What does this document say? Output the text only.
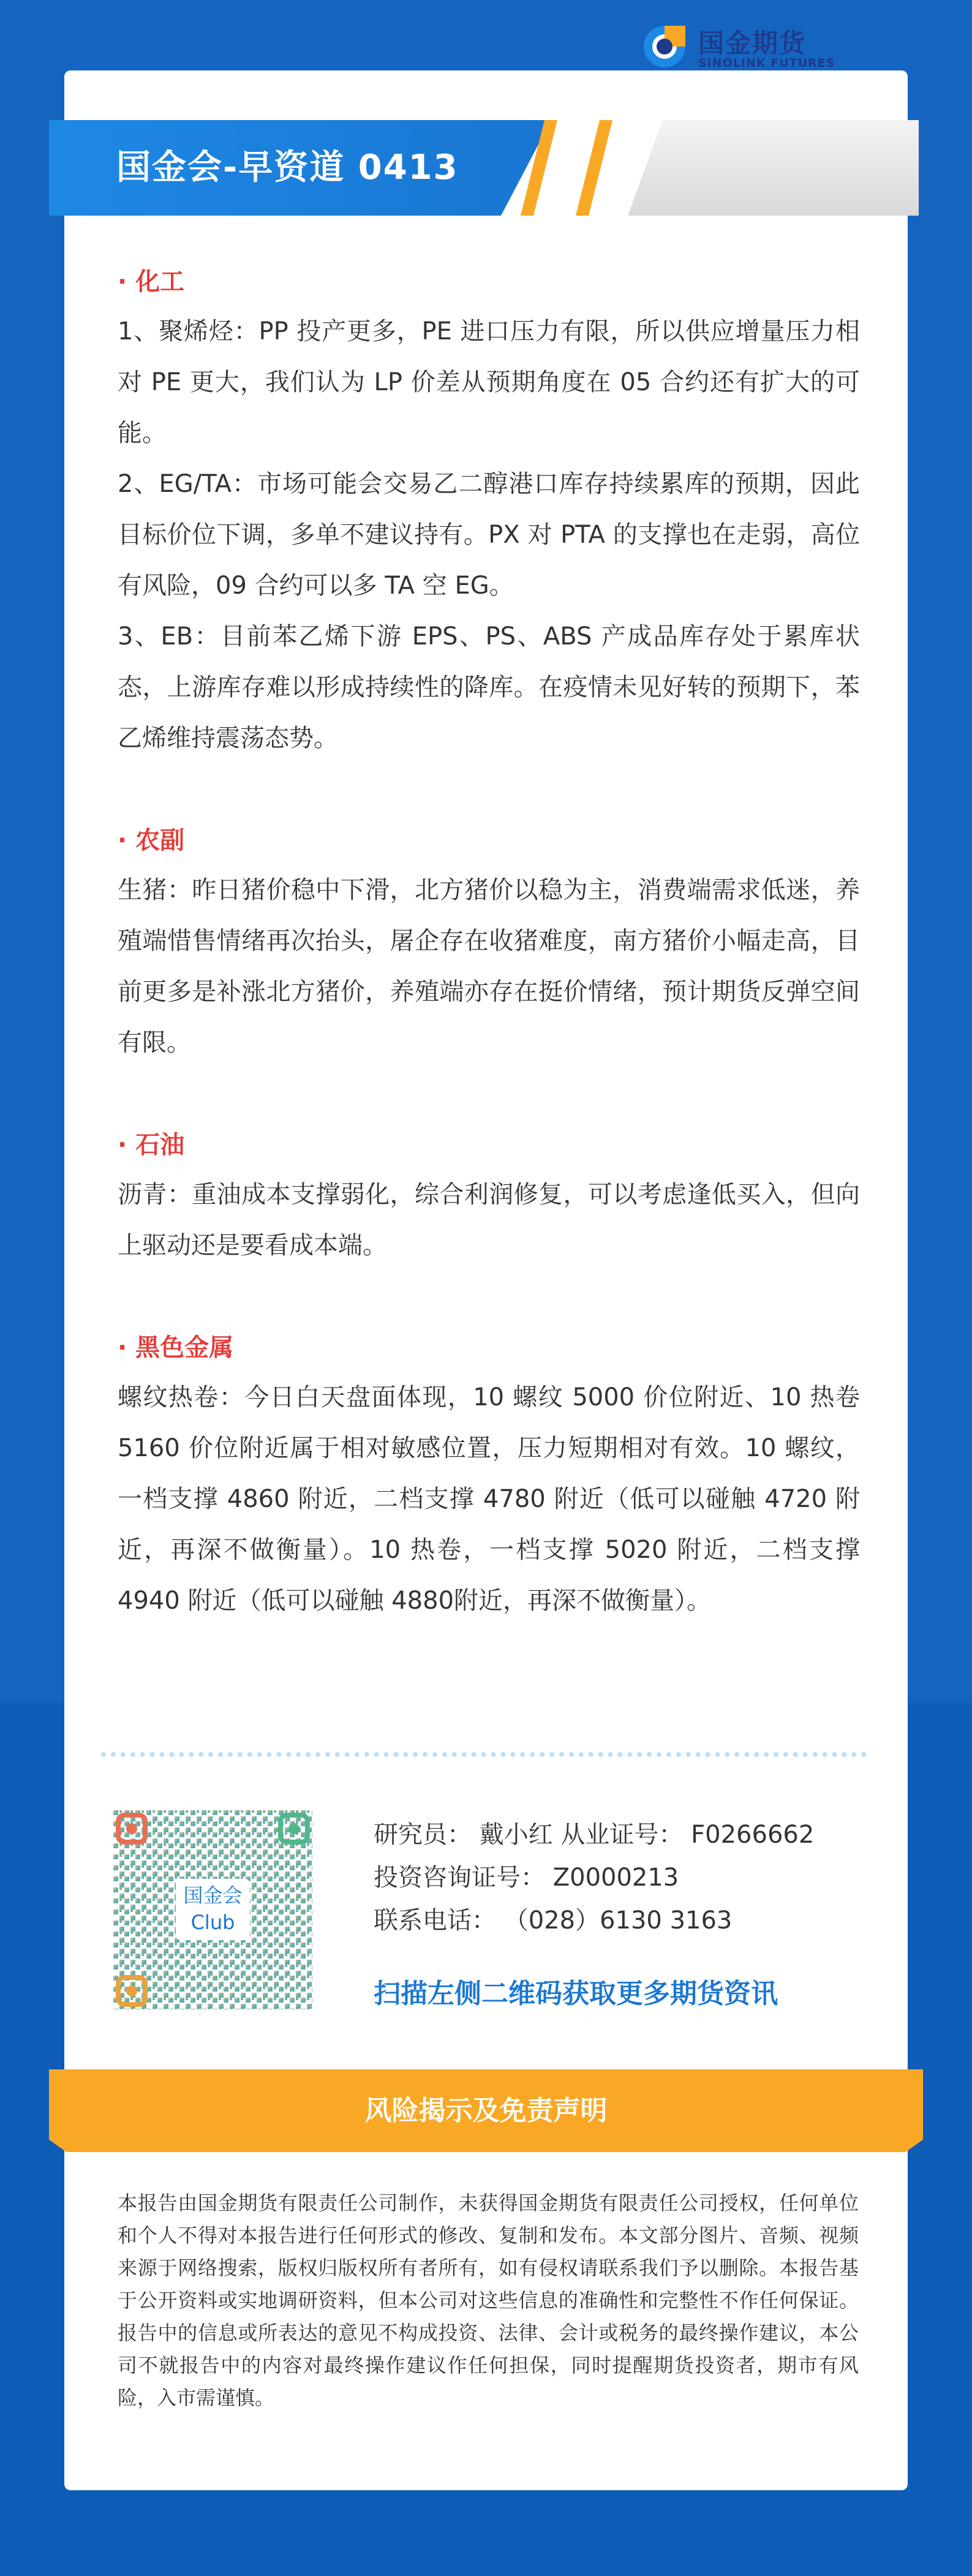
国金会-早资道 0413
国金期货
SINOLINK FUTURES
· 化工

1、聚烯烃：PP 投产更多，PE 进口压力有限，所以供应增量压力相对 PE 更大，我们认为 LP 价差从预期角度在 05 合约还有扩大的可能。

2、EG/TA：市场可能会交易乙二醇港口库存持续累库的预期，因此目标价位下调，多单不建议持有。PX 对 PTA 的支撑也在走弱，高位有风险，09 合约可以多 TA 空 EG。

3、EB：目前苯乙烯下游 EPS、PS、ABS 产成品库存处于累库状态，上游库存难以形成持续性的降库。在疫情未见好转的预期下，苯乙烯维持震荡态势。

· 农副

生猪：昨日猪价稳中下滑，北方猪价以稳为主，消费端需求低迷，养殖端惜售情绪再次抬头，屠企存在收猪难度，南方猪价小幅走高，目前更多是补涨北方猪价，养殖端亦存在挺价情绪，预计期货反弹空间有限。

· 石油

沥青：重油成本支撑弱化，综合利润修复，可以考虑逢低买入，但向上驱动还是要看成本端。

· 黑色金属

螺纹热卷：今日白天盘面体现，10 螺纹 5000 价位附近、10 热卷 5160 价位附近属于相对敏感位置，压力短期相对有效。10 螺纹，一档支撑 4860 附近，二档支撑 4780 附近（低可以碰触 4720 附近，再深不做衡量）。10 热卷，一档支撑 5020 附近，二档支撑 4940 附近（低可以碰触 4880附近，再深不做衡量）。

国金会
Club
研究员： 戴小红 从业证号： F0266662
投资咨询证号： Z0000213
联系电话： （028）6130 3163
扫描左侧二维码获取更多期货资讯
风险揭示及免责声明
本报告由国金期货有限责任公司制作，未获得国金期货有限责任公司授权，任何单位和个人不得对本报告进行任何形式的修改、复制和发布。本文部分图片、音频、视频来源于网络搜索，版权归版权所有者所有，如有侵权请联系我们予以删除。本报告基于公开资料或实地调研资料，但本公司对这些信息的准确性和完整性不作任何保证。报告中的信息或所表达的意见不构成投资、法律、会计或税务的最终操作建议，本公司不就报告中的内容对最终操作建议作任何担保，同时提醒期货投资者，期市有风险，入市需谨慎。
